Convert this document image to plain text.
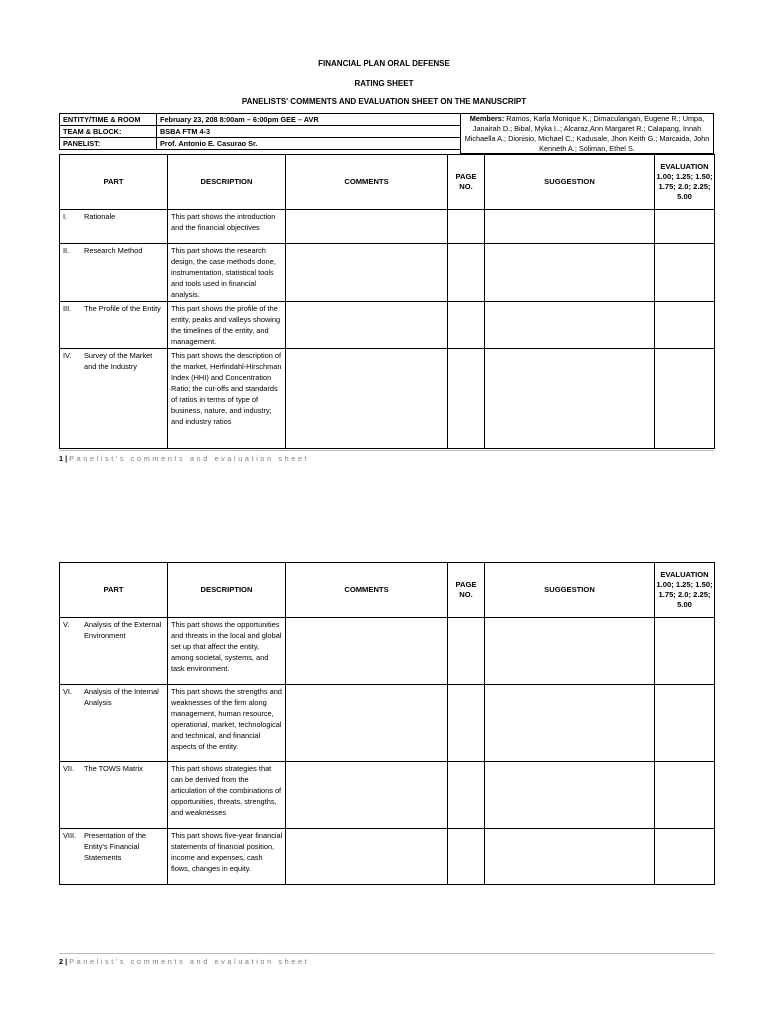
FINANCIAL PLAN ORAL DEFENSE
RATING SHEET
PANELISTS' COMMENTS AND EVALUATION SHEET ON THE MANUSCRIPT
ENTITY/TIME & ROOM	February 23, 208 8:00am – 6:00pm GEE – AVR
TEAM & BLOCK:	BSBA FTM 4-3
PANELIST:	Prof. Antonio E. Casurao Sr.
Members: Ramos, Karla Monique K.; Dimaculangan, Eugene R.; Umpa, Janairah D.; Bibal, Myka I..; Alcaraz,Ann Margaret R.; Calapang, Innah Michaella A.; Dionisio, Michael C.; Kadusale, Jhon Keith G.; Marcaida, John Kenneth A.; Soliman, Ethel S.
PART	DESCRIPTION	COMMENTS	PAGE NO.	SUGGESTION	EVALUATION 1.00; 1.25; 1.50; 1.75; 2.0; 2.25; 5.00

I. Rationale	This part shows the introduction and the financial objectives				

II. Research Method	This part shows the research design, the case methods done, instrumentation, statistical tools and tools used in financial analysis.				

III. The Profile of the Entity	This part shows the profile of the entity, peaks and valleys showing the timelines of the entity, and management.				

IV. Survey of the Market and the Industry	This part shows the description of the market, Herfindahl-Hirschman Index (HHI) and Concentration Ratio; the cut-offs and standards of ratios in terms of type of business, nature, and industry; and industry ratios				
1 | Panelist's comments and evaluation sheet
PART	DESCRIPTION	COMMENTS	PAGE NO.	SUGGESTION	EVALUATION 1.00; 1.25; 1.50; 1.75; 2.0; 2.25; 5.00

V. Analysis of the External Environment	This part shows the opportunities and threats in the local and global set up that affect the entity, among societal, systems, and task environment.				

VI. Analysis of the Internal Analysis	This part shows the strengths and weaknesses of the firm along management, human resource, operational, market, technological and technical, and financial aspects of the entity.				

VII. The TOWS Matrix	This part shows strategies that can be derived from the articulation of the combinations of opportunities, threats, strengths, and weaknesses				

VIII. Presentation of the Entity's Financial Statements	This part shows five-year financial statements of financial position, income and expenses, cash flows, changes in equity.				
2 | Panelist's comments and evaluation sheet
